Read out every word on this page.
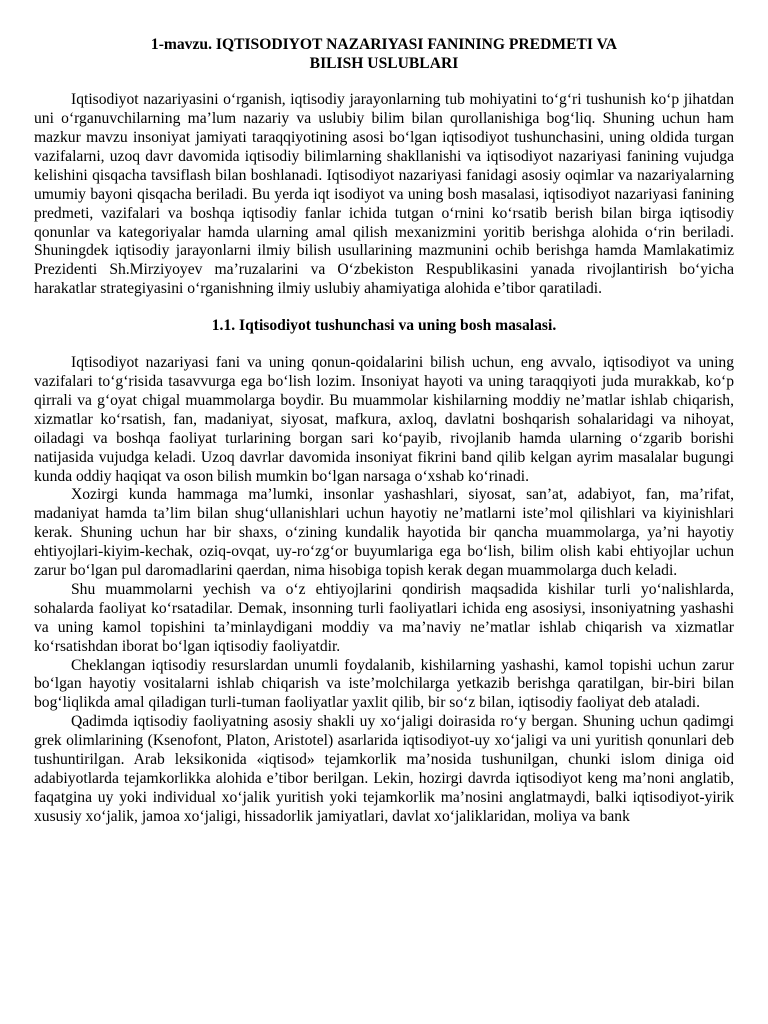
1-mavzu. IQTISODIYOT NAZARIYASI FANINING PREDMETI VA
BILISH USLUBLARI

Iqtisodiyot nazariyasini o‘rganish, iqtisodiy jarayonlarning tub mohiyatini to‘g‘ri tushunish ko‘p jihatdan uni o‘rganuvchilarning ma’lum nazariy va uslubiy bilim bilan qurollanishiga bog‘liq. Shuning uchun ham mazkur mavzu insoniyat jamiyati taraqqiyotining asosi bo‘lgan iqtisodiyot tushunchasini, uning oldida turgan vazifalarni, uzoq davr davomida iqtisodiy bilimlarning shakllanishi va iqtisodiyot nazariyasi fanining vujudga kelishini qisqacha tavsiflash bilan boshlanadi. Iqtisodiyot nazariyasi fanidagi asosiy oqimlar va nazariyalarning umumiy bayoni qisqacha beriladi. Bu yerda iqt isodiyot va uning bosh masalasi, iqtisodiyot nazariyasi fanining predmeti, vazifalari va boshqa iqtisodiy fanlar ichida tutgan o‘rnini ko‘rsatib berish bilan birga iqtisodiy qonunlar va kategoriyalar hamda ularning amal qilish mexanizmini yoritib berishga alohida o‘rin beriladi. Shuningdek iqtisodiy jarayonlarni ilmiy bilish usullarining mazmunini ochib berishga hamda Mamlakatimiz Prezidenti Sh.Mirziyoyev ma’ruzalarini va O‘zbekiston Respublikasini yanada rivojlantirish bo‘yicha harakatlar strategiyasini o‘rganishning ilmiy uslubiy ahamiyatiga alohida e’tibor qaratiladi.

1.1. Iqtisodiyot tushunchasi va uning bosh masalasi.

Iqtisodiyot nazariyasi fani va uning qonun-qoidalarini bilish uchun, eng avvalo, iqtisodiyot va uning vazifalari to‘g‘risida tasavvurga ega bo‘lish lozim. Insoniyat hayoti va uning taraqqiyoti juda murakkab, ko‘p qirrali va g‘oyat chigal muammolarga boydir. Bu muammolar kishilarning moddiy ne’matlar ishlab chiqarish, xizmatlar ko‘rsatish, fan, madaniyat, siyosat, mafkura, axloq, davlatni boshqarish sohalaridagi va nihoyat, oiladagi va boshqa faoliyat turlarining borgan sari ko‘payib, rivojlanib hamda ularning o‘zgarib borishi natijasida vujudga keladi. Uzoq davrlar davomida insoniyat fikrini band qilib kelgan ayrim masalalar bugungi kunda oddiy haqiqat va oson bilish mumkin bo‘lgan narsaga o‘xshab ko‘rinadi.

Xozirgi kunda hammaga ma’lumki, insonlar yashashlari, siyosat, san’at, adabiyot, fan, ma’rifat, madaniyat hamda ta’lim bilan shug‘ullanishlari uchun hayotiy ne’matlarni iste’mol qilishlari va kiyinishlari kerak. Shuning uchun har bir shaxs, o‘zining kundalik hayotida bir qancha muammolarga, ya’ni hayotiy ehtiyojlari-kiyim-kechak, oziq-ovqat, uy-ro‘zg‘or buyumlariga ega bo‘lish, bilim olish kabi ehtiyojlar uchun zarur bo‘lgan pul daromadlarini qaerdan, nima hisobiga topish kerak degan muammolarga duch keladi.

Shu muammolarni yechish va o‘z ehtiyojlarini qondirish maqsadida kishilar turli yo‘nalishlarda, sohalarda faoliyat ko‘rsatadilar. Demak, insonning turli faoliyatlari ichida eng asosiysi, insoniyatning yashashi va uning kamol topishini ta’minlaydigani moddiy va ma’naviy ne’matlar ishlab chiqarish va xizmatlar ko‘rsatishdan iborat bo‘lgan iqtisodiy faoliyatdir.

Cheklangan iqtisodiy resurslardan unumli foydalanib, kishilarning yashashi, kamol topishi uchun zarur bo‘lgan hayotiy vositalarni ishlab chiqarish va iste’molchilarga yetkazib berishga qaratilgan, bir-biri bilan bog‘liqlikda amal qiladigan turli-tuman faoliyatlar yaxlit qilib, bir so‘z bilan, iqtisodiy faoliyat deb ataladi.

Qadimda iqtisodiy faoliyatning asosiy shakli uy xo‘jaligi doirasida ro‘y bergan. Shuning uchun qadimgi grek olimlarining (Ksenofont, Platon, Aristotel) asarlarida iqtisodiyot-uy xo‘jaligi va uni yuritish qonunlari deb tushuntirilgan. Arab leksikonida «iqtisod» tejamkorlik ma’nosida tushunilgan, chunki islom diniga oid adabiyotlarda tejamkorlikka alohida e’tibor berilgan. Lekin, hozirgi davrda iqtisodiyot keng ma’noni anglatib, faqatgina uy yoki individual xo‘jalik yuritish yoki tejamkorlik ma’nosini anglatmaydi, balki iqtisodiyot-yirik xususiy xo‘jalik, jamoa xo‘jaligi, hissadorlik jamiyatlari, davlat xo‘jaliklaridan, moliya va bank
